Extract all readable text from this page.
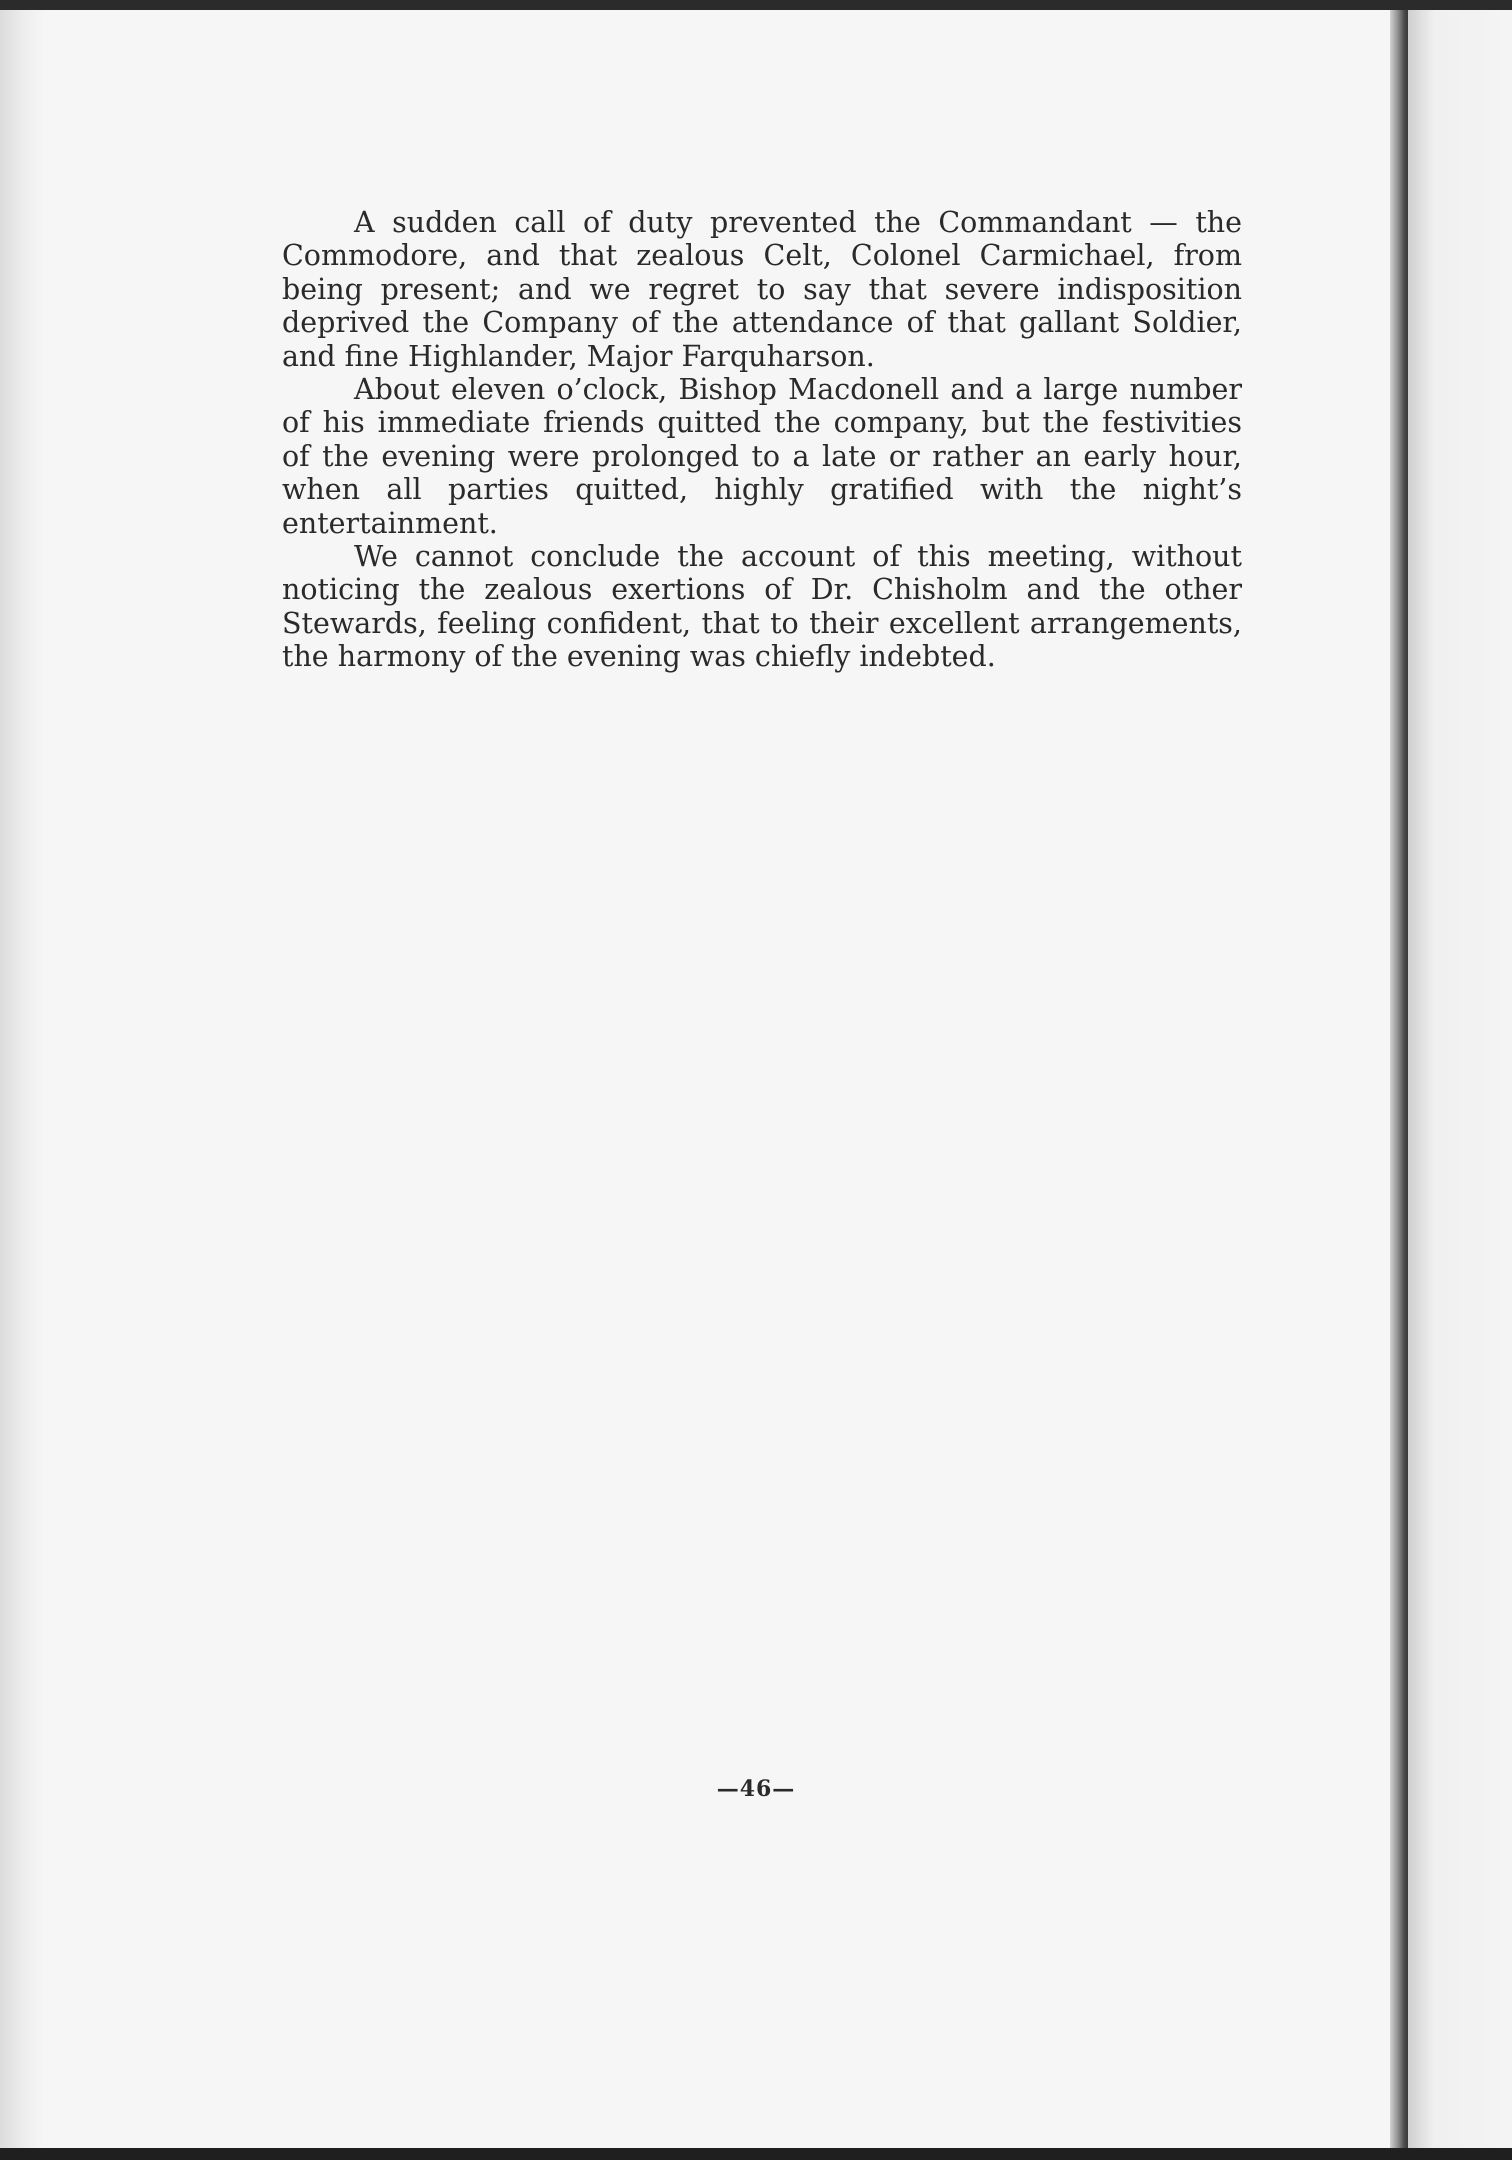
A sudden call of duty prevented the Commandant — the Commodore, and that zealous Celt, Colonel Carmichael, from being present; and we regret to say that severe indisposition deprived the Company of the attendance of that gallant Soldier, and fine Highlander, Major Farquharson.

About eleven o’clock, Bishop Macdonell and a large number of his immediate friends quitted the company, but the festivities of the evening were prolonged to a late or rather an early hour, when all parties quitted, highly gratified with the night’s entertainment.

We cannot conclude the account of this meeting, without noticing the zealous exertions of Dr. Chisholm and the other Stewards, feeling confident, that to their excellent arrangements, the harmony of the evening was chiefly indebted.

—46—
